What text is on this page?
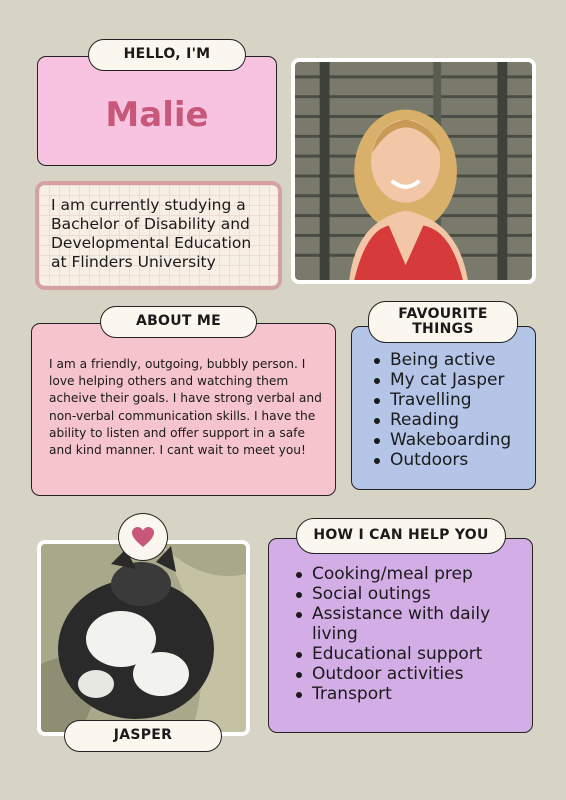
HELLO, I'M
Malie
I am currently studying a Bachelor of Disability and Developmental Education at Flinders University
ABOUT ME
I am a friendly, outgoing, bubbly person. I love helping others and watching them acheive their goals. I have strong verbal and non-verbal communication skills. I have the ability to listen and offer support in a safe and kind manner. I cant wait to meet you!
FAVOURITE THINGS
Being active
My cat Jasper
Travelling
Reading
Wakeboarding
Outdoors
JASPER
HOW I CAN HELP YOU
Cooking/meal prep
Social outings
Assistance with daily living
Educational support
Outdoor activities
Transport
